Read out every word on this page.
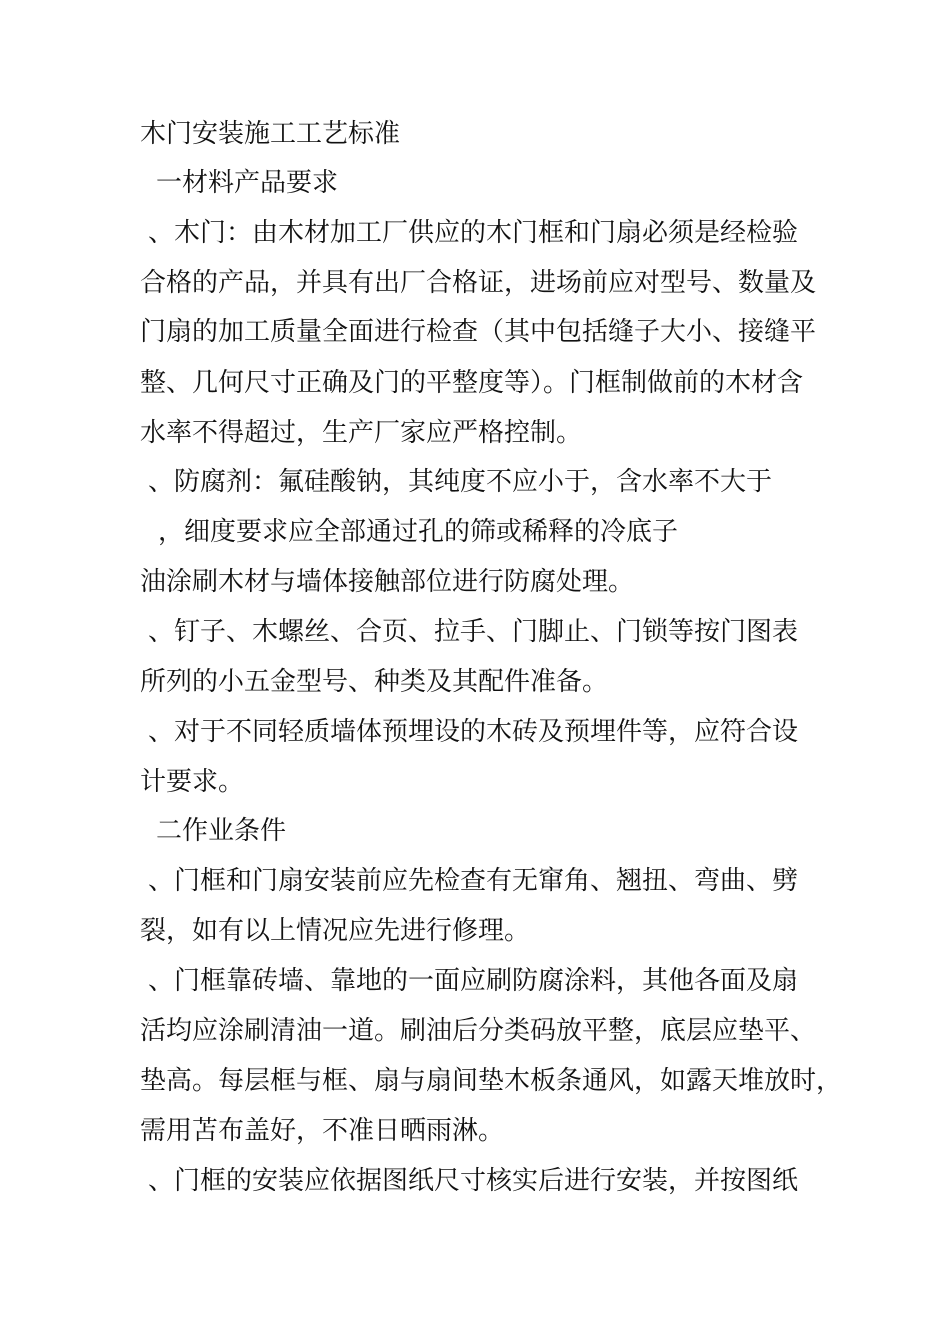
木门安装施工工艺标准
一材料产品要求
、木门：由木材加工厂供应的木门框和门扇必须是经检验
合格的产品，并具有出厂合格证，进场前应对型号、数量及
门扇的加工质量全面进行检查（其中包括缝子大小、接缝平
整、几何尺寸正确及门的平整度等）。门框制做前的木材含
水率不得超过，生产厂家应严格控制。
、防腐剂：氟硅酸钠，其纯度不应小于，含水率不大于
，细度要求应全部通过孔的筛或稀释的冷底子
油涂刷木材与墙体接触部位进行防腐处理。
、钉子、木螺丝、合页、拉手、门脚止、门锁等按门图表
所列的小五金型号、种类及其配件准备。
、对于不同轻质墙体预埋设的木砖及预埋件等，应符合设
计要求。
二作业条件
、门框和门扇安装前应先检查有无窜角、翘扭、弯曲、劈
裂，如有以上情况应先进行修理。
、门框靠砖墙、靠地的一面应刷防腐涂料，其他各面及扇
活均应涂刷清油一道。刷油后分类码放平整，底层应垫平、
垫高。每层框与框、扇与扇间垫木板条通风，如露天堆放时，
需用苫布盖好，不准日晒雨淋。
、门框的安装应依据图纸尺寸核实后进行安装，并按图纸
